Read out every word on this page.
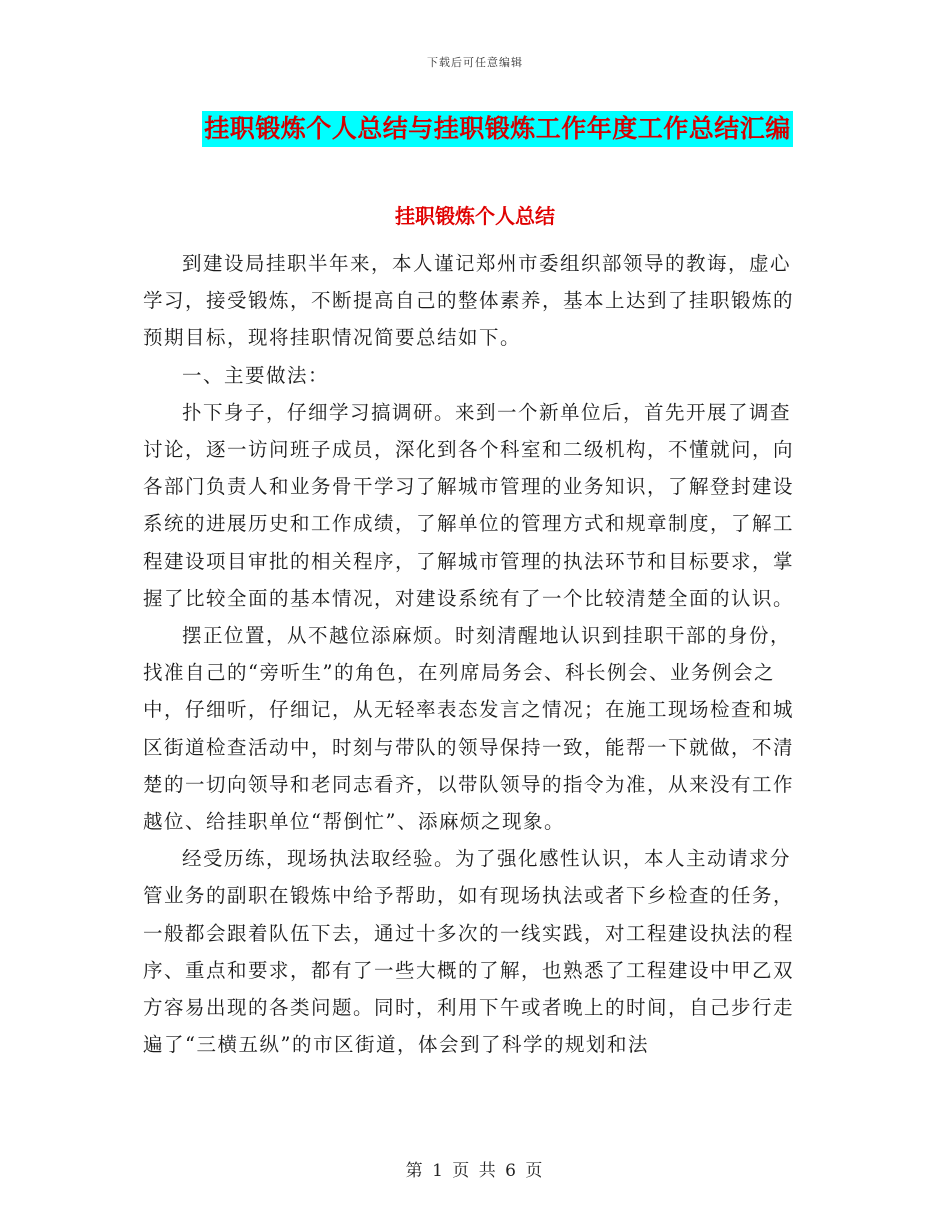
下载后可任意编辑
挂职锻炼个人总结与挂职锻炼工作年度工作总结汇编
挂职锻炼个人总结

到建设局挂职半年来，本人谨记郑州市委组织部领导的教诲，虚心学习，接受锻炼，不断提高自己的整体素养，基本上达到了挂职锻炼的预期目标，现将挂职情况简要总结如下。

一、主要做法：

扑下身子，仔细学习搞调研。来到一个新单位后，首先开展了调查讨论，逐一访问班子成员，深化到各个科室和二级机构，不懂就问，向各部门负责人和业务骨干学习了解城市管理的业务知识，了解登封建设系统的进展历史和工作成绩，了解单位的管理方式和规章制度，了解工程建设项目审批的相关程序，了解城市管理的执法环节和目标要求，掌握了比较全面的基本情况，对建设系统有了一个比较清楚全面的认识。

摆正位置，从不越位添麻烦。时刻清醒地认识到挂职干部的身份，找准自己的“旁听生”的角色，在列席局务会、科长例会、业务例会之中，仔细听，仔细记，从无轻率表态发言之情况；在施工现场检查和城区街道检查活动中，时刻与带队的领导保持一致，能帮一下就做，不清楚的一切向领导和老同志看齐，以带队领导的指令为准，从来没有工作越位、给挂职单位“帮倒忙”、添麻烦之现象。

经受历练，现场执法取经验。为了强化感性认识，本人主动请求分管业务的副职在锻炼中给予帮助，如有现场执法或者下乡检查的任务，一般都会跟着队伍下去，通过十多次的一线实践，对工程建设执法的程序、重点和要求，都有了一些大概的了解，也熟悉了工程建设中甲乙双方容易出现的各类问题。同时，利用下午或者晚上的时间，自己步行走遍了“三横五纵”的市区街道，体会到了科学的规划和法

第 1 页 共 6 页
